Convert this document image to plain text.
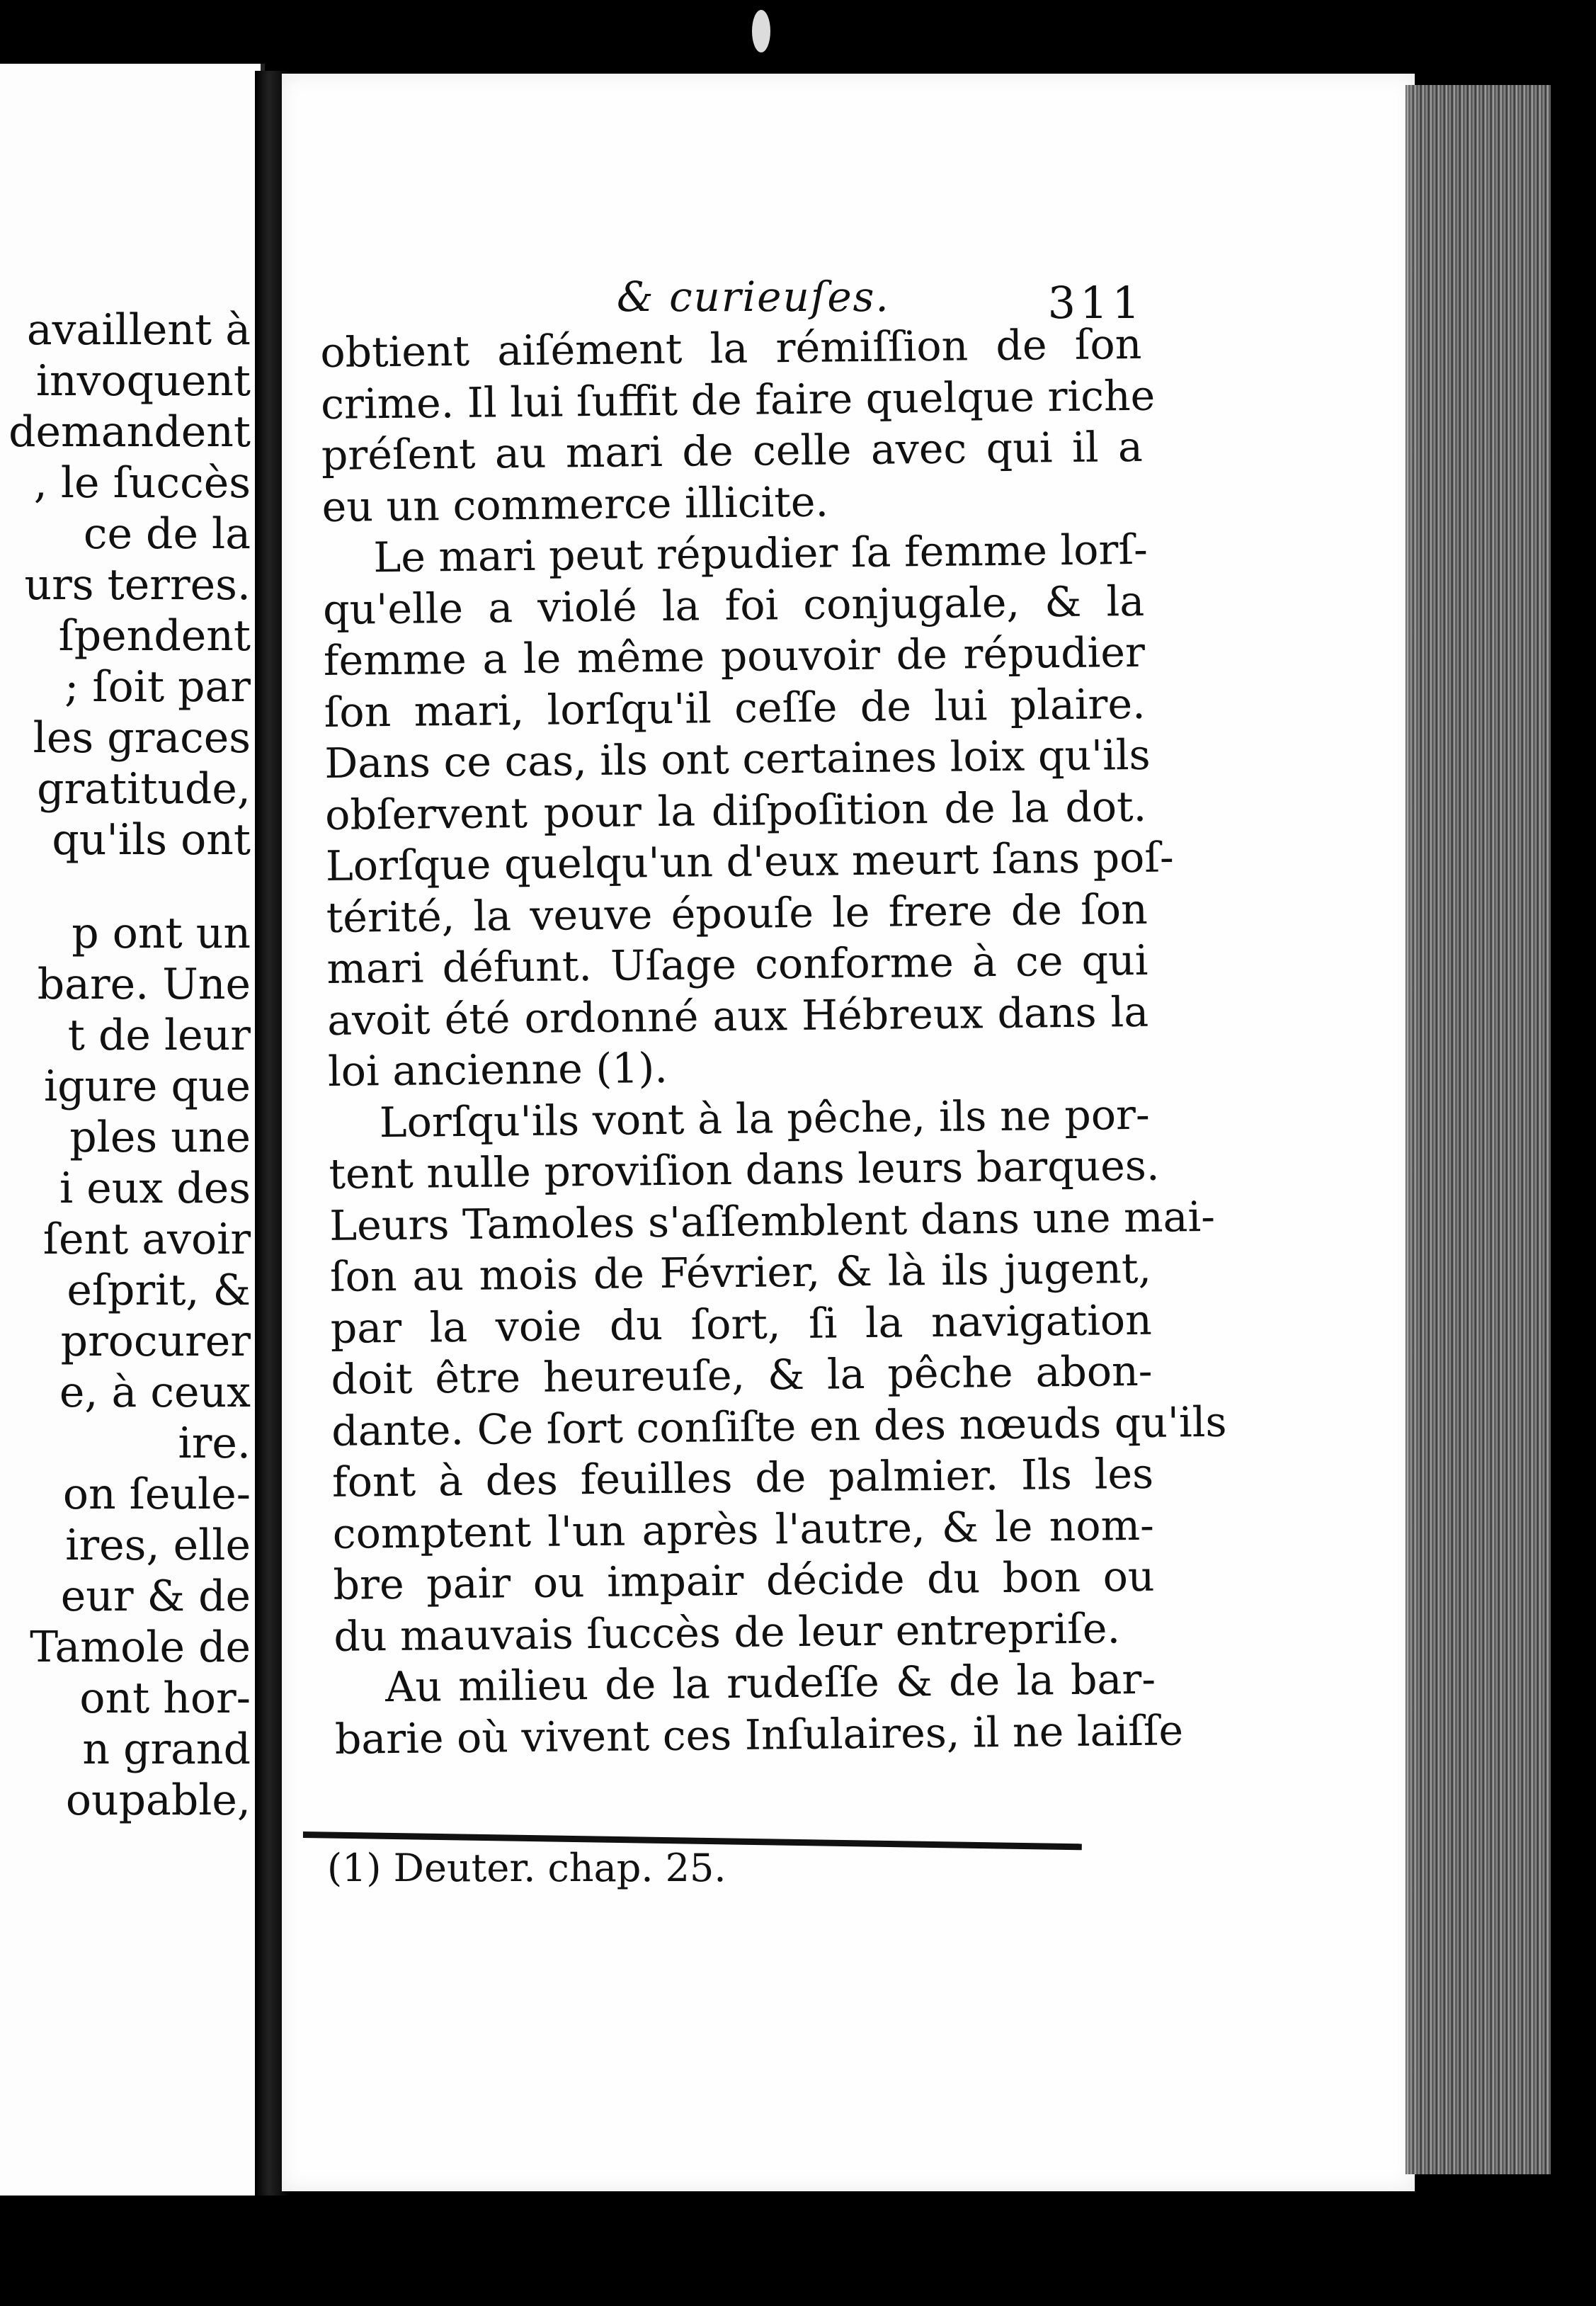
availlent à
invoquent
demandent
, le ſuccès
ce de la
urs terres.
ſpendent
; ſoit par
les graces
gratitude,
qu'ils ont
p ont un
bare. Une
t de leur
igure que
ples une
i eux des
ſent avoir
eſprit, &
procurer
e, à ceux
ire.
on ſeule-
ires, elle
eur & de
Tamole de
ont hor-
n grand
oupable,
& curieuſes.	311
obtient aiſément la rémiſſion de ſon
crime. Il lui ſuffit de faire quelque riche
préſent au mari de celle avec qui il a
eu un commerce illicite.
Le mari peut répudier ſa femme lorſ-
qu'elle a violé la foi conjugale, & la
femme a le même pouvoir de répudier
ſon mari, lorſqu'il ceſſe de lui plaire.
Dans ce cas, ils ont certaines loix qu'ils
obſervent pour la diſpoſition de la dot.
Lorſque quelqu'un d'eux meurt ſans poſ-
térité, la veuve épouſe le frere de ſon
mari défunt. Uſage conforme à ce qui
avoit été ordonné aux Hébreux dans la
loi ancienne (1).
Lorſqu'ils vont à la pêche, ils ne por-
tent nulle proviſion dans leurs barques.
Leurs Tamoles s'aſſemblent dans une mai-
ſon au mois de Février, & là ils jugent,
par la voie du ſort, ſi la navigation
doit être heureuſe, & la pêche abon-
dante. Ce ſort conſiſte en des nœuds qu'ils
font à des feuilles de palmier. Ils les
comptent l'un après l'autre, & le nom-
bre pair ou impair décide du bon ou
du mauvais ſuccès de leur entrepriſe.
Au milieu de la rudeſſe & de la bar-
barie où vivent ces Inſulaires, il ne laiſſe
(1) Deuter. chap. 25.
